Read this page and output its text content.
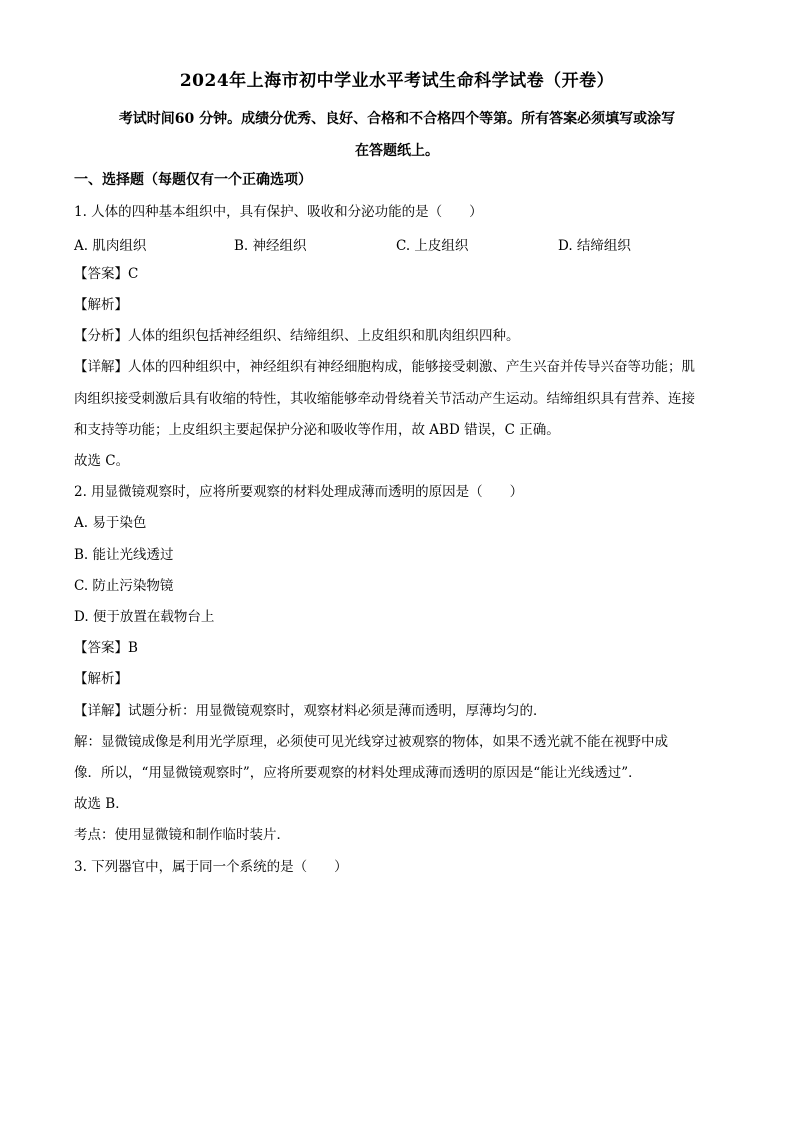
2024年上海市初中学业水平考试生命科学试卷（开卷）
考试时间60 分钟。成绩分优秀、良好、合格和不合格四个等第。所有答案必须填写或涂写
在答题纸上。
一、选择题（每题仅有一个正确选项）
1. 人体的四种基本组织中，具有保护、吸收和分泌功能的是（　　）
A. 肌肉组织	B. 神经组织	C. 上皮组织	D. 结缔组织
【答案】C
【解析】
【分析】人体的组织包括神经组织、结缔组织、上皮组织和肌肉组织四种。
【详解】人体的四种组织中，神经组织有神经细胞构成，能够接受刺激、产生兴奋并传导兴奋等功能；肌
肉组织接受刺激后具有收缩的特性，其收缩能够牵动骨绕着关节活动产生运动。结缔组织具有营养、连接
和支持等功能；上皮组织主要起保护分泌和吸收等作用，故 ABD 错误，C 正确。
故选 C。
2. 用显微镜观察时，应将所要观察的材料处理成薄而透明的原因是（　　）
A. 易于染色
B. 能让光线透过
C. 防止污染物镜
D. 便于放置在载物台上
【答案】B
【解析】
【详解】试题分析：用显微镜观察时，观察材料必须是薄而透明，厚薄均匀的．
解：显微镜成像是利用光学原理，必须使可见光线穿过被观察的物体，如果不透光就不能在视野中成
像．所以，“用显微镜观察时”，应将所要观察的材料处理成薄而透明的原因是“能让光线透过”．
故选 B．
考点：使用显微镜和制作临时装片．
3. 下列器官中，属于同一个系统的是（　　）
